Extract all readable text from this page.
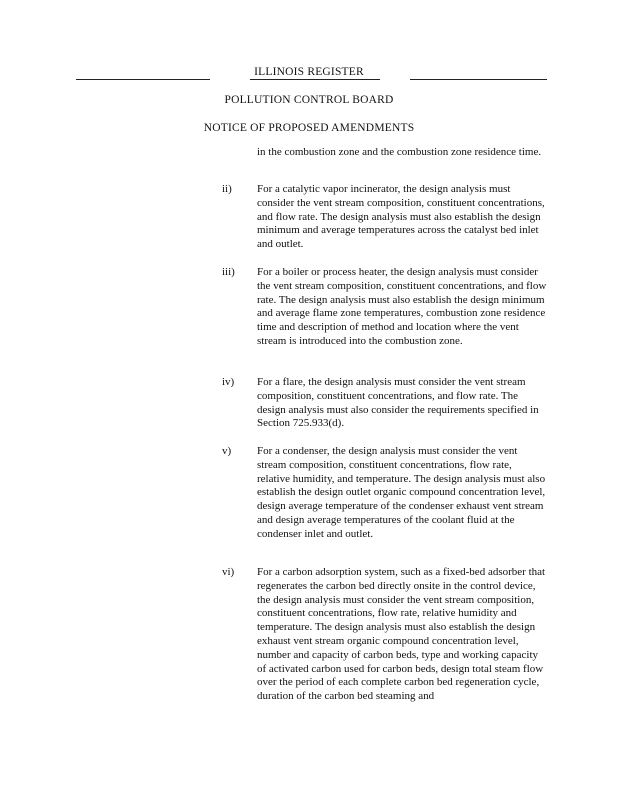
ILLINOIS REGISTER
POLLUTION CONTROL BOARD
NOTICE OF PROPOSED AMENDMENTS
in the combustion zone and the combustion zone residence time.
ii) For a catalytic vapor incinerator, the design analysis must consider the vent stream composition, constituent concentrations, and flow rate. The design analysis must also establish the design minimum and average temperatures across the catalyst bed inlet and outlet.
iii) For a boiler or process heater, the design analysis must consider the vent stream composition, constituent concentrations, and flow rate. The design analysis must also establish the design minimum and average flame zone temperatures, combustion zone residence time and description of method and location where the vent stream is introduced into the combustion zone.
iv) For a flare, the design analysis must consider the vent stream composition, constituent concentrations, and flow rate. The design analysis must also consider the requirements specified in Section 725.933(d).
v) For a condenser, the design analysis must consider the vent stream composition, constituent concentrations, flow rate, relative humidity, and temperature. The design analysis must also establish the design outlet organic compound concentration level, design average temperature of the condenser exhaust vent stream and design average temperatures of the coolant fluid at the condenser inlet and outlet.
vi) For a carbon adsorption system, such as a fixed-bed adsorber that regenerates the carbon bed directly onsite in the control device, the design analysis must consider the vent stream composition, constituent concentrations, flow rate, relative humidity and temperature. The design analysis must also establish the design exhaust vent stream organic compound concentration level, number and capacity of carbon beds, type and working capacity of activated carbon used for carbon beds, design total steam flow over the period of each complete carbon bed regeneration cycle, duration of the carbon bed steaming and
